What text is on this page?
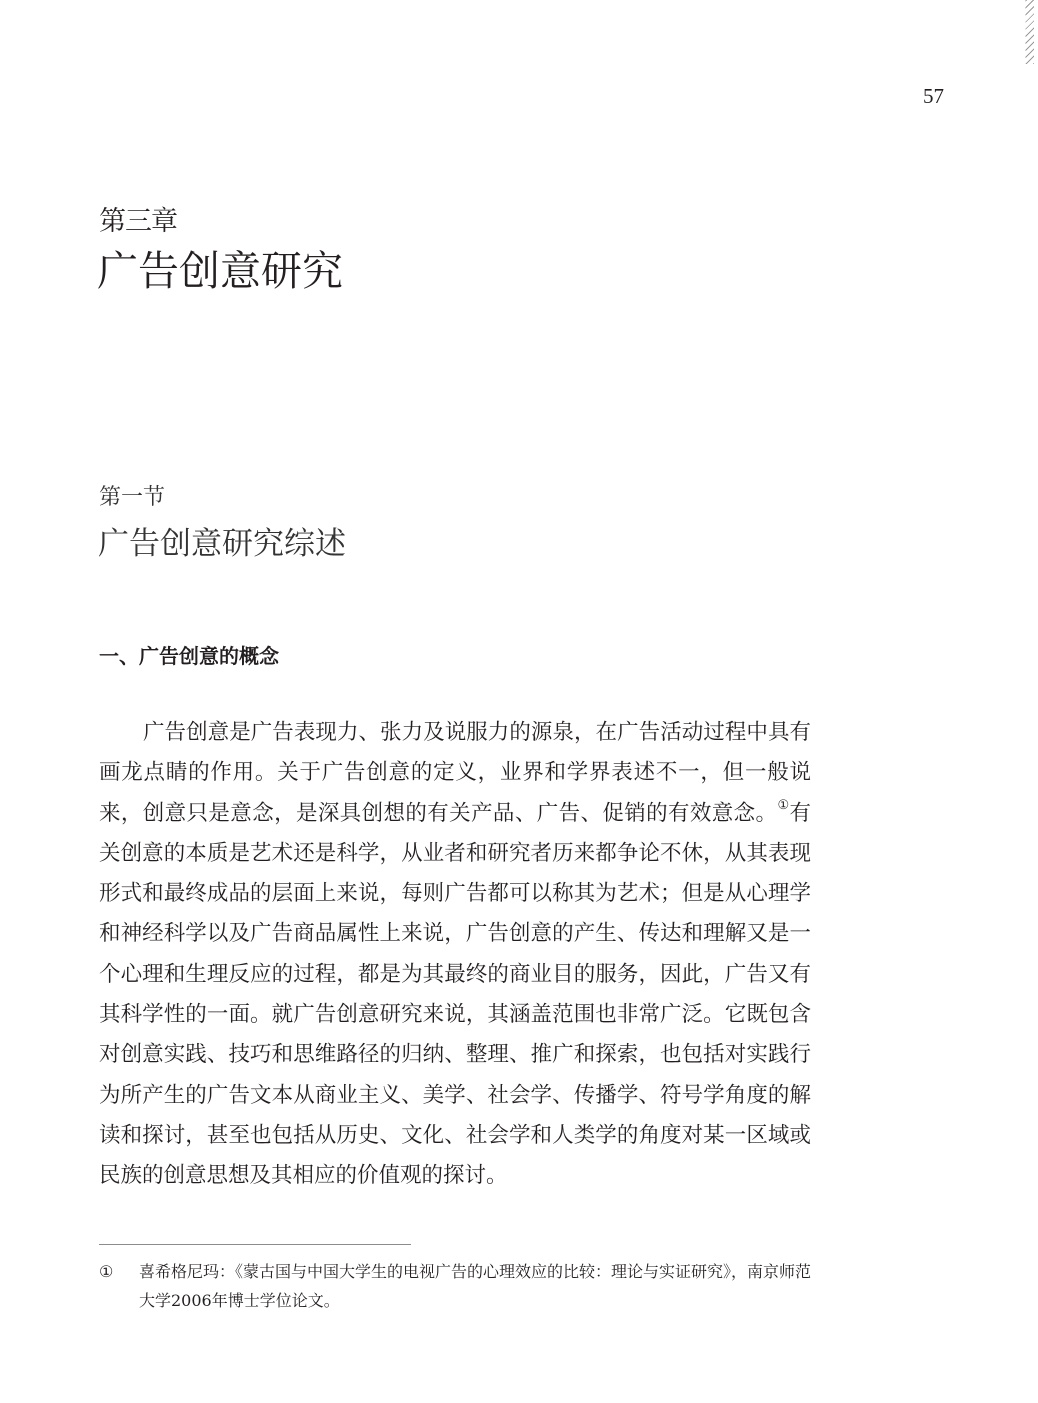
57
第三章
广告创意研究
第一节
广告创意研究综述
一、广告创意的概念

广告创意是广告表现力、张力及说服力的源泉，在广告活动过程中具有画龙点睛的作用。关于广告创意的定义，业界和学界表述不一，但一般说来，创意只是意念，是深具创想的有关产品、广告、促销的有效意念。①有关创意的本质是艺术还是科学，从业者和研究者历来都争论不休，从其表现形式和最终成品的层面上来说，每则广告都可以称其为艺术；但是从心理学和神经科学以及广告商品属性上来说，广告创意的产生、传达和理解又是一个心理和生理反应的过程，都是为其最终的商业目的服务，因此，广告又有其科学性的一面。就广告创意研究来说，其涵盖范围也非常广泛。它既包含对创意实践、技巧和思维路径的归纳、整理、推广和探索，也包括对实践行为所产生的广告文本从商业主义、美学、社会学、传播学、符号学角度的解读和探讨，甚至也包括从历史、文化、社会学和人类学的角度对某一区域或民族的创意思想及其相应的价值观的探讨。

① 喜希格尼玛：《蒙古国与中国大学生的电视广告的心理效应的比较：理论与实证研究》，南京师范大学2006年博士学位论文。
